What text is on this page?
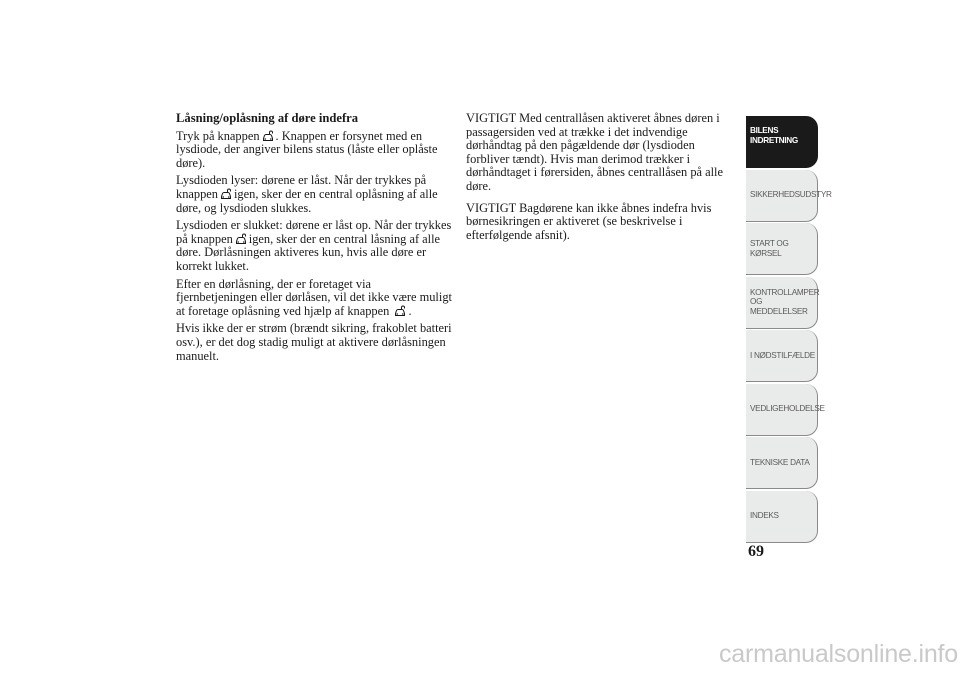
Låsning/oplåsning af døre indefra

Tryk på knappen . Knappen er forsynet med en lysdiode, der angiver bilens status (låste eller oplåste døre).

Lysdioden lyser: dørene er låst. Når der trykkes på knappen igen, sker der en central oplåsning af alle døre, og lysdioden slukkes.

Lysdioden er slukket: dørene er låst op. Når der trykkes på knappen igen, sker der en central låsning af alle døre. Dørlåsningen aktiveres kun, hvis alle døre er korrekt lukket.

Efter en dørlåsning, der er foretaget via fjernbetjeningen eller dørlåsen, vil det ikke være muligt at foretage oplåsning ved hjælp af knappen .

Hvis ikke der er strøm (brændt sikring, frakoblet batteri osv.), er det dog stadig muligt at aktivere dørlåsningen manuelt.

VIGTIGT Med centrallåsen aktiveret åbnes døren i passagersiden ved at trække i det indvendige dørhåndtag på den pågældende dør (lysdioden forbliver tændt). Hvis man derimod trækker i dørhåndtaget i førersiden, åbnes centrallåsen på alle døre.

VIGTIGT Bagdørene kan ikke åbnes indefra hvis børnesikringen er aktiveret (se beskrivelse i efterfølgende afsnit).

BILENS
INDRETNING
SIKKERHEDSUDSTYR
START OG KØRSEL
KONTROLLAMPER
OG MEDDELELSER
I NØDSTILFÆLDE
VEDLIGEHOLDELSE
TEKNISKE DATA
INDEKS
69
carmanualsonline.info
